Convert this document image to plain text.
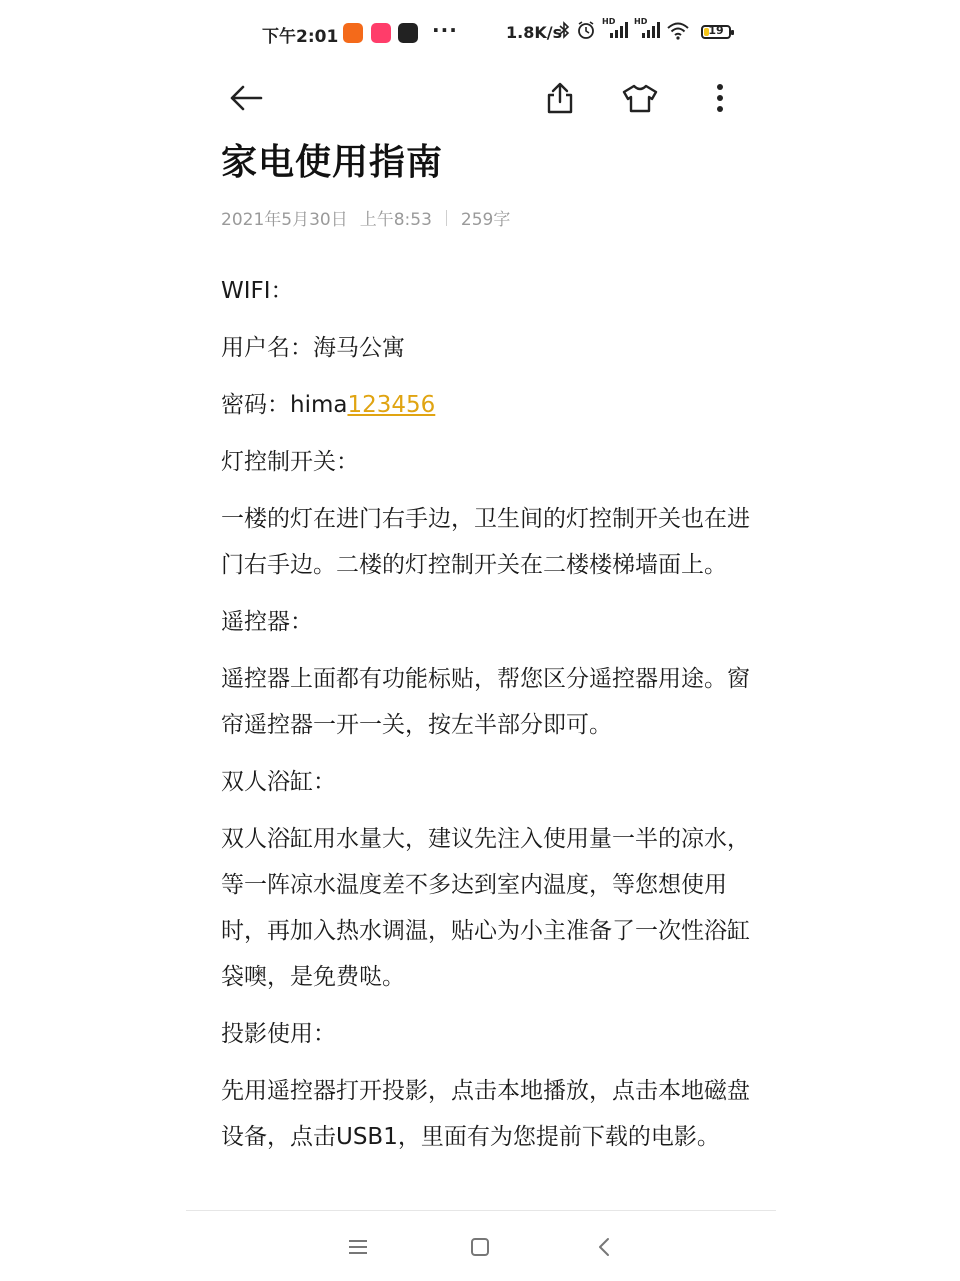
下午2:01	···	1.8K/s
HD HD
19
家电使用指南
2021年5月30日 上午8:53 259字

WIFI：

用户名：海马公寓

密码：hima123456

灯控制开关：

一楼的灯在进门右手边，卫生间的灯控制开关也在进门右手边。二楼的灯控制开关在二楼楼梯墙面上。

遥控器：

遥控器上面都有功能标贴，帮您区分遥控器用途。窗帘遥控器一开一关，按左半部分即可。

双人浴缸：

双人浴缸用水量大，建议先注入使用量一半的凉水，等一阵凉水温度差不多达到室内温度，等您想使用时，再加入热水调温，贴心为小主准备了一次性浴缸袋噢，是免费哒。

投影使用：

先用遥控器打开投影，点击本地播放，点击本地磁盘设备，点击USB1，里面有为您提前下载的电影。
